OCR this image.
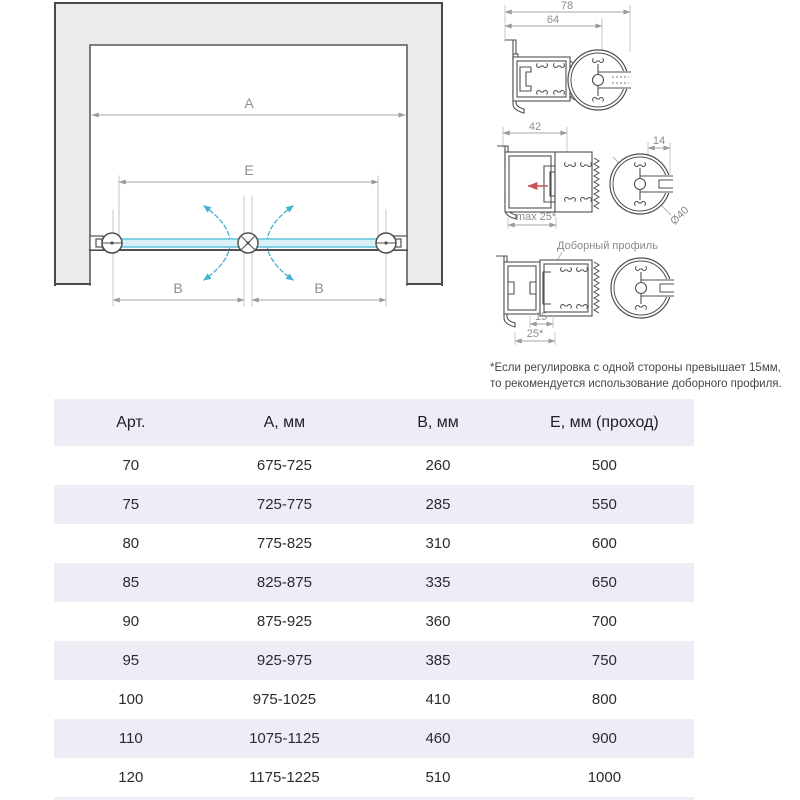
A
E
B	B
78
64
42
14
Ø40
max 25*
Доборный профиль
15
25*
*Если регулировка с одной стороны превышает 15мм,
то рекомендуется использование доборного профиля.
Арт.	А, мм	В, мм	Е, мм (проход)
70	675-725	260	500
75	725-775	285	550
80	775-825	310	600
85	825-875	335	650
90	875-925	360	700
95	925-975	385	750
100	975-1025	410	800
110	1075-1125	460	900
120	1175-1225	510	1000
